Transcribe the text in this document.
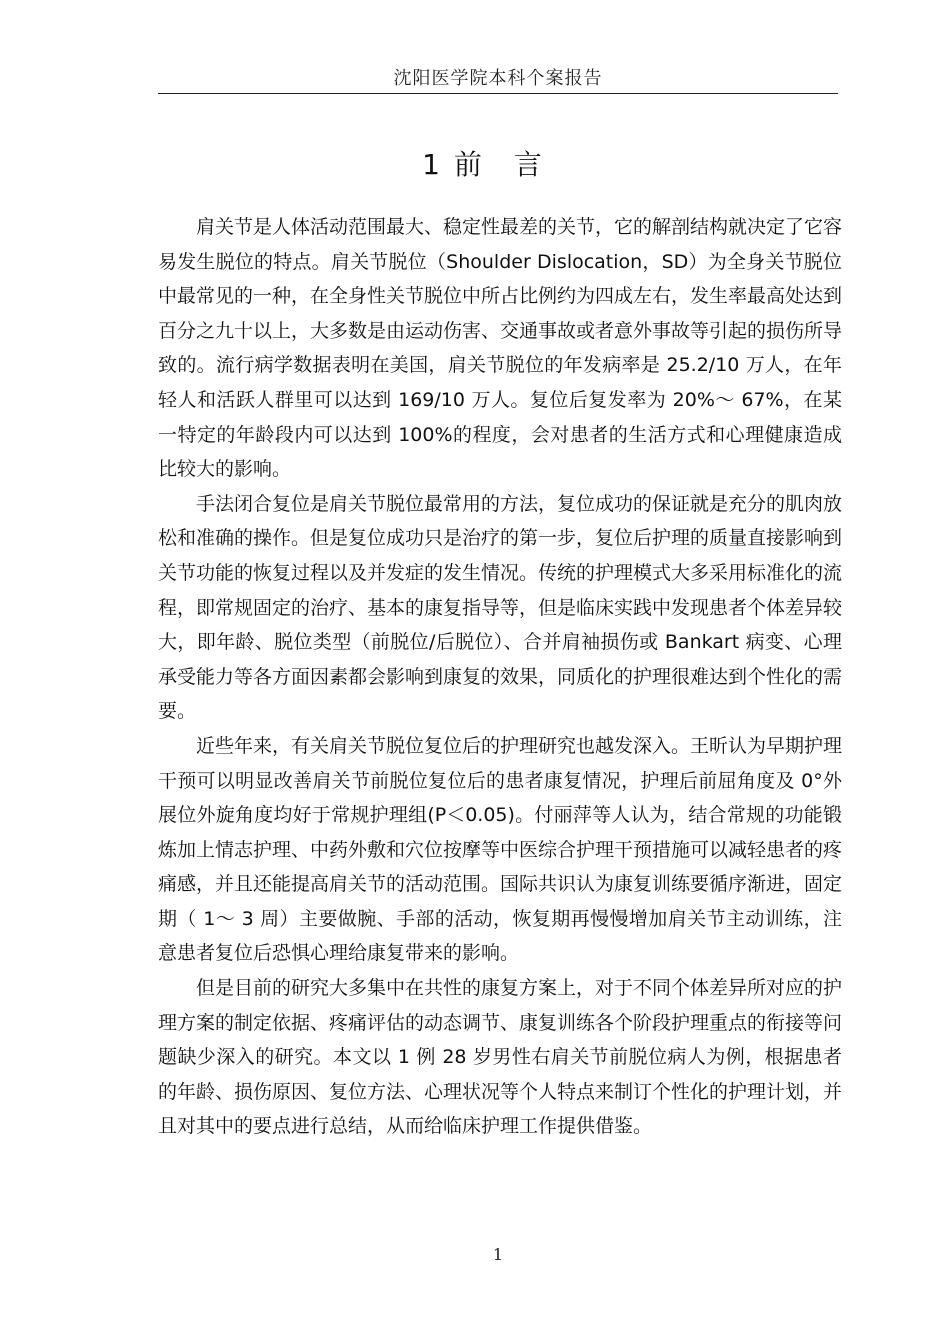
沈阳医学院本科个案报告
1 前言

肩关节是人体活动范围最大、稳定性最差的关节，它的解剖结构就决定了它容易发生脱位的特点。肩关节脱位（Shoulder Dislocation，SD）为全身关节脱位中最常见的一种，在全身性关节脱位中所占比例约为四成左右，发生率最高处达到百分之九十以上，大多数是由运动伤害、交通事故或者意外事故等引起的损伤所导致的。流行病学数据表明在美国，肩关节脱位的年发病率是 25.2/10 万人，在年轻人和活跃人群里可以达到 169/10 万人。复位后复发率为 20%～ 67%，在某一特定的年龄段内可以达到 100%的程度，会对患者的生活方式和心理健康造成比较大的影响。

手法闭合复位是肩关节脱位最常用的方法，复位成功的保证就是充分的肌肉放松和准确的操作。但是复位成功只是治疗的第一步，复位后护理的质量直接影响到关节功能的恢复过程以及并发症的发生情况。传统的护理模式大多采用标准化的流程，即常规固定的治疗、基本的康复指导等，但是临床实践中发现患者个体差异较大，即年龄、脱位类型（前脱位/后脱位）、合并肩袖损伤或 Bankart 病变、心理承受能力等各方面因素都会影响到康复的效果，同质化的护理很难达到个性化的需要。

近些年来，有关肩关节脱位复位后的护理研究也越发深入。王昕认为早期护理干预可以明显改善肩关节前脱位复位后的患者康复情况，护理后前屈角度及 0°外展位外旋角度均好于常规护理组(P＜0.05)。付丽萍等人认为，结合常规的功能锻炼加上情志护理、中药外敷和穴位按摩等中医综合护理干预措施可以减轻患者的疼痛感，并且还能提高肩关节的活动范围。国际共识认为康复训练要循序渐进，固定期（ 1～ 3 周）主要做腕、手部的活动，恢复期再慢慢增加肩关节主动训练，注意患者复位后恐惧心理给康复带来的影响。

但是目前的研究大多集中在共性的康复方案上，对于不同个体差异所对应的护理方案的制定依据、疼痛评估的动态调节、康复训练各个阶段护理重点的衔接等问题缺少深入的研究。本文以 1 例 28 岁男性右肩关节前脱位病人为例，根据患者的年龄、损伤原因、复位方法、心理状况等个人特点来制订个性化的护理计划，并且对其中的要点进行总结，从而给临床护理工作提供借鉴。

1
